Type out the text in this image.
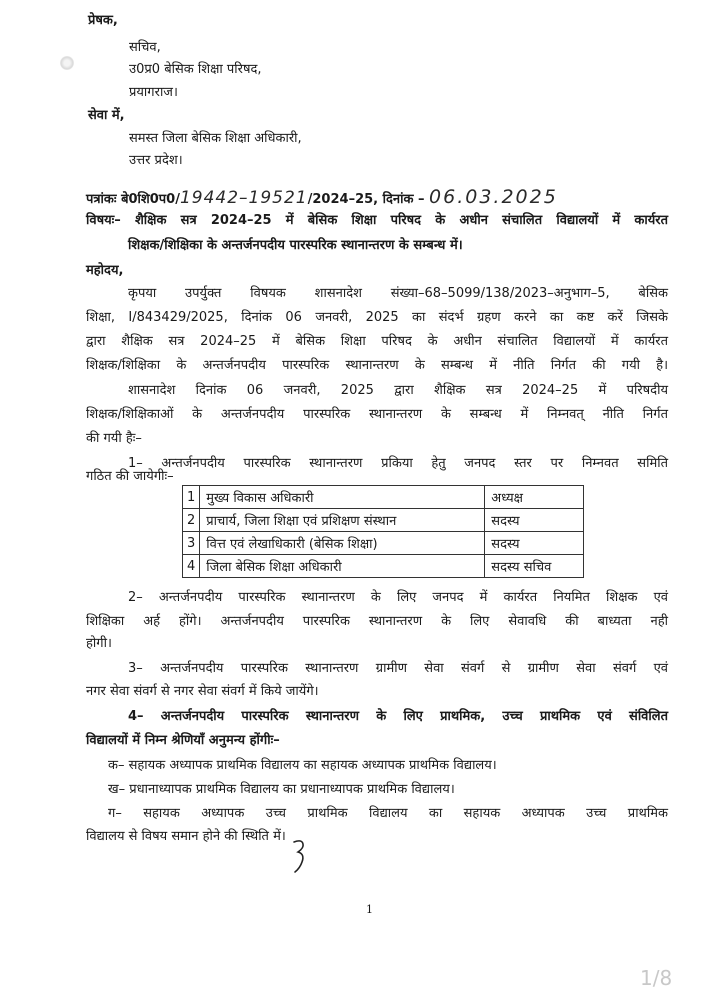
प्रेषक,
सचिव,
उ0प्र0 बेसिक शिक्षा परिषद,
प्रयागराज।
सेवा में,
समस्त जिला बेसिक शिक्षा अधिकारी,
उत्तर प्रदेश।
पत्रांकः बे0शि0प0/19442–19521/2024–25, दिनांक – 06.03.2025
विषयः– शैक्षिक सत्र 2024–25 में बेसिक शिक्षा परिषद के अधीन संचालित विद्यालयों में कार्यरत
शिक्षक/शिक्षिका के अन्तर्जनपदीय पारस्परिक स्थानान्तरण के सम्बन्ध में।
महोदय,
कृपया उपर्युक्त विषयक शासनादेश संख्या–68–5099/138/2023–अनुभाग–5, बेसिक
शिक्षा, I/843429/2025, दिनांक 06 जनवरी, 2025 का संदर्भ ग्रहण करने का कष्ट करें जिसके
द्वारा शैक्षिक सत्र 2024–25 में बेसिक शिक्षा परिषद के अधीन संचालित विद्यालयों में कार्यरत
शिक्षक/शिक्षिका के अन्तर्जनपदीय पारस्परिक स्थानान्तरण के सम्बन्ध में नीति निर्गत की गयी है।
शासनादेश दिनांक 06 जनवरी, 2025 द्वारा शैक्षिक सत्र 2024–25 में परिषदीय
शिक्षक/शिक्षिकाओं के अन्तर्जनपदीय पारस्परिक स्थानान्तरण के सम्बन्ध में निम्नवत् नीति निर्गत
की गयी हैः–
1– अन्तर्जनपदीय पारस्परिक स्थानान्तरण प्रकिया हेतु जनपद स्तर पर निम्नवत समिति
गठित की जायेगीः–
1	मुख्य विकास अधिकारी	अध्यक्ष
2	प्राचार्य, जिला शिक्षा एवं प्रशिक्षण संस्थान	सदस्य
3	वित्त एवं लेखाधिकारी (बेसिक शिक्षा)	सदस्य
4	जिला बेसिक शिक्षा अधिकारी	सदस्य सचिव
2– अन्तर्जनपदीय पारस्परिक स्थानान्तरण के लिए जनपद में कार्यरत नियमित शिक्षक एवं
शिक्षिका अर्ह होंगे। अन्तर्जनपदीय पारस्परिक स्थानान्तरण के लिए सेवावधि की बाध्यता नही
होगी।
3– अन्तर्जनपदीय पारस्परिक स्थानान्तरण ग्रामीण सेवा संवर्ग से ग्रामीण सेवा संवर्ग एवं
नगर सेवा संवर्ग से नगर सेवा संवर्ग में किये जायेंगे।
4– अन्तर्जनपदीय पारस्परिक स्थानान्तरण के लिए प्राथमिक, उच्च प्राथमिक एवं संविलित
विद्यालयों में निम्न श्रेणियाँ अनुमन्य होंगीः–
क– सहायक अध्यापक प्राथमिक विद्यालय का सहायक अध्यापक प्राथमिक विद्यालय।
ख– प्रधानाध्यापक प्राथमिक विद्यालय का प्रधानाध्यापक प्राथमिक विद्यालय।
ग– सहायक अध्यापक उच्च प्राथमिक विद्यालय का सहायक अध्यापक उच्च प्राथमिक
विद्यालय से विषय समान होने की स्थिति में।
1
1/8
